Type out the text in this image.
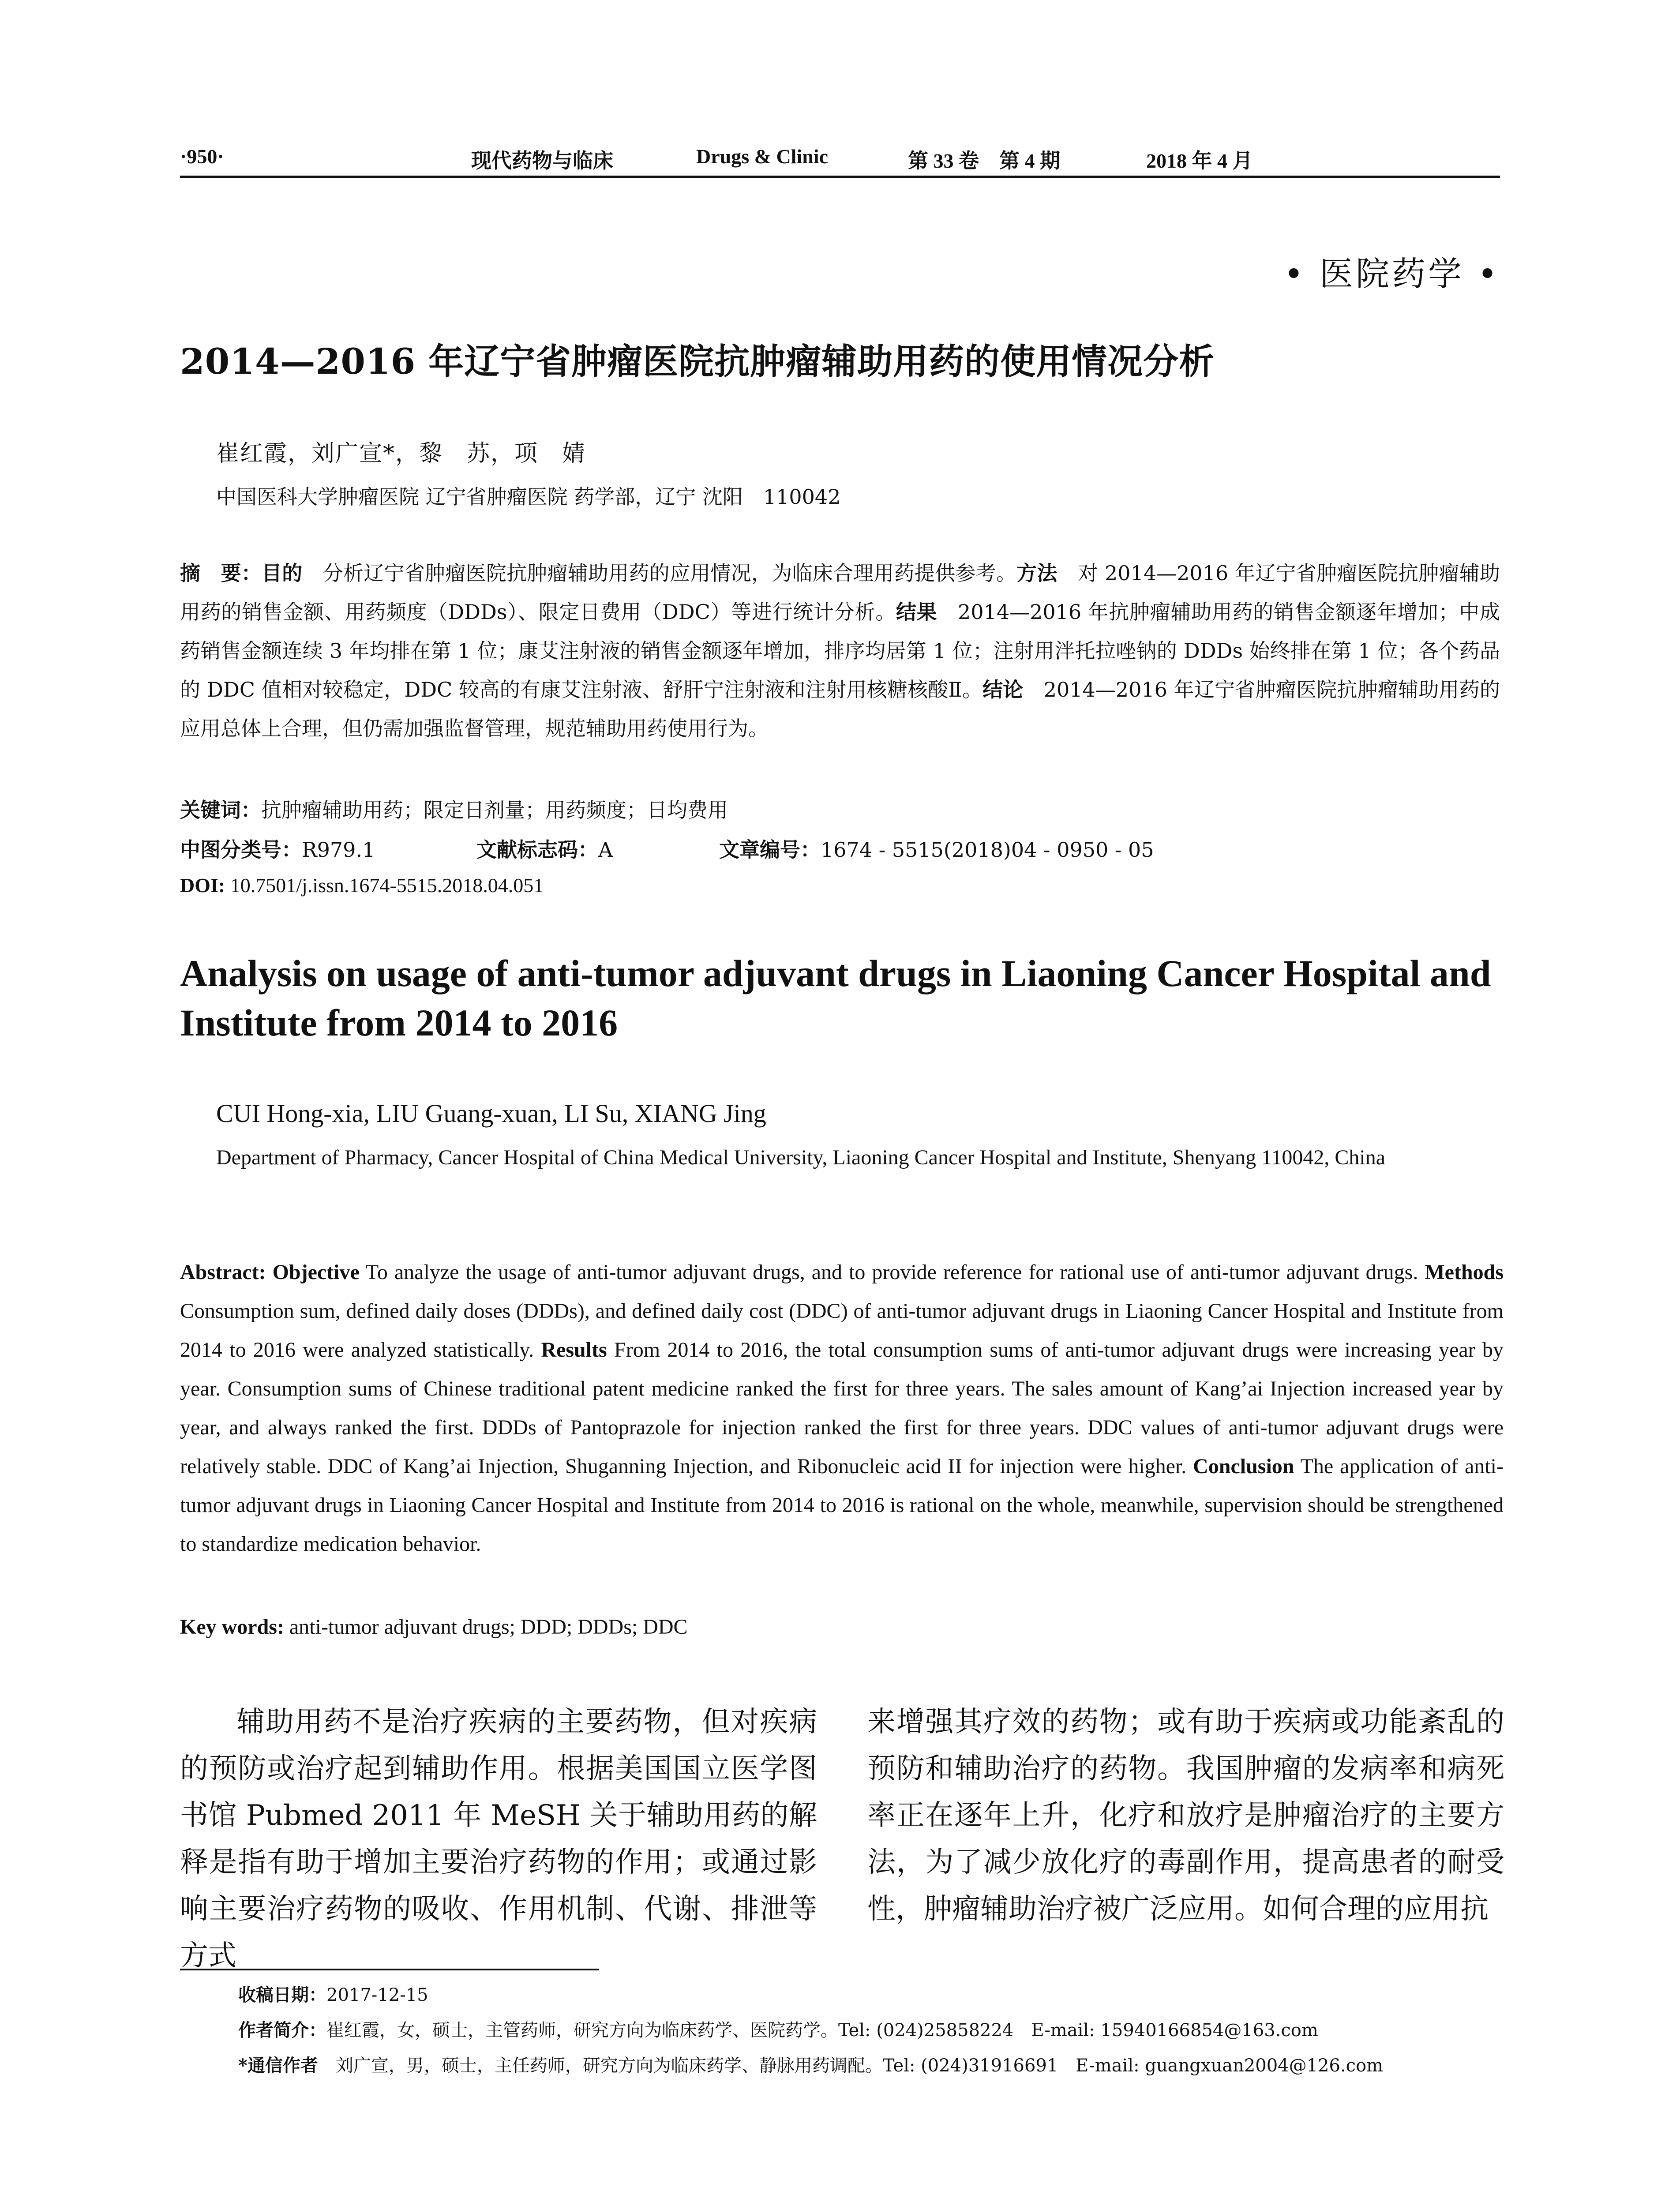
·950·	现代药物与临床	Drugs & Clinic	第 33 卷　第 4 期	2018 年 4 月
• 医院药学 •
2014—2016 年辽宁省肿瘤医院抗肿瘤辅助用药的使用情况分析
崔红霞，刘广宣*，黎　苏，项　婧
中国医科大学肿瘤医院 辽宁省肿瘤医院 药学部，辽宁 沈阳　110042
摘　要：目的　分析辽宁省肿瘤医院抗肿瘤辅助用药的应用情况，为临床合理用药提供参考。方法　对 2014—2016 年辽宁省肿瘤医院抗肿瘤辅助用药的销售金额、用药频度（DDDs）、限定日费用（DDC）等进行统计分析。结果　2014—2016 年抗肿瘤辅助用药的销售金额逐年增加；中成药销售金额连续 3 年均排在第 1 位；康艾注射液的销售金额逐年增加，排序均居第 1 位；注射用泮托拉唑钠的 DDDs 始终排在第 1 位；各个药品的 DDC 值相对较稳定，DDC 较高的有康艾注射液、舒肝宁注射液和注射用核糖核酸Ⅱ。结论　2014—2016 年辽宁省肿瘤医院抗肿瘤辅助用药的应用总体上合理，但仍需加强监督管理，规范辅助用药使用行为。
关键词：抗肿瘤辅助用药；限定日剂量；用药频度；日均费用
中图分类号：R979.1	文献标志码：A	文章编号：1674 - 5515(2018)04 - 0950 - 05
DOI: 10.7501/j.issn.1674-5515.2018.04.051
Analysis on usage of anti-tumor adjuvant drugs in Liaoning Cancer Hospital and Institute from 2014 to 2016
CUI Hong-xia, LIU Guang-xuan, LI Su, XIANG Jing
Department of Pharmacy, Cancer Hospital of China Medical University, Liaoning Cancer Hospital and Institute, Shenyang 110042, China
Abstract: Objective To analyze the usage of anti-tumor adjuvant drugs, and to provide reference for rational use of anti-tumor adjuvant drugs. Methods Consumption sum, defined daily doses (DDDs), and defined daily cost (DDC) of anti-tumor adjuvant drugs in Liaoning Cancer Hospital and Institute from 2014 to 2016 were analyzed statistically. Results From 2014 to 2016, the total consumption sums of anti-tumor adjuvant drugs were increasing year by year. Consumption sums of Chinese traditional patent medicine ranked the first for three years. The sales amount of Kang’ai Injection increased year by year, and always ranked the first. DDDs of Pantoprazole for injection ranked the first for three years. DDC values of anti-tumor adjuvant drugs were relatively stable. DDC of Kang’ai Injection, Shuganning Injection, and Ribonucleic acid II for injection were higher. Conclusion The application of anti-tumor adjuvant drugs in Liaoning Cancer Hospital and Institute from 2014 to 2016 is rational on the whole, meanwhile, supervision should be strengthened to standardize medication behavior.
Key words: anti-tumor adjuvant drugs; DDD; DDDs; DDC
辅助用药不是治疗疾病的主要药物，但对疾病的预防或治疗起到辅助作用。根据美国国立医学图书馆 Pubmed 2011 年 MeSH 关于辅助用药的解释是指有助于增加主要治疗药物的作用；或通过影响主要治疗药物的吸收、作用机制、代谢、排泄等方式
来增强其疗效的药物；或有助于疾病或功能紊乱的预防和辅助治疗的药物。我国肿瘤的发病率和病死率正在逐年上升，化疗和放疗是肿瘤治疗的主要方法，为了减少放化疗的毒副作用，提高患者的耐受性，肿瘤辅助治疗被广泛应用。如何合理的应用抗
收稿日期：2017-12-15
作者简介：崔红霞，女，硕士，主管药师，研究方向为临床药学、医院药学。Tel: (024)25858224　E-mail: 15940166854@163.com
*通信作者　刘广宣，男，硕士，主任药师，研究方向为临床药学、静脉用药调配。Tel: (024)31916691　E-mail: guangxuan2004@126.com
